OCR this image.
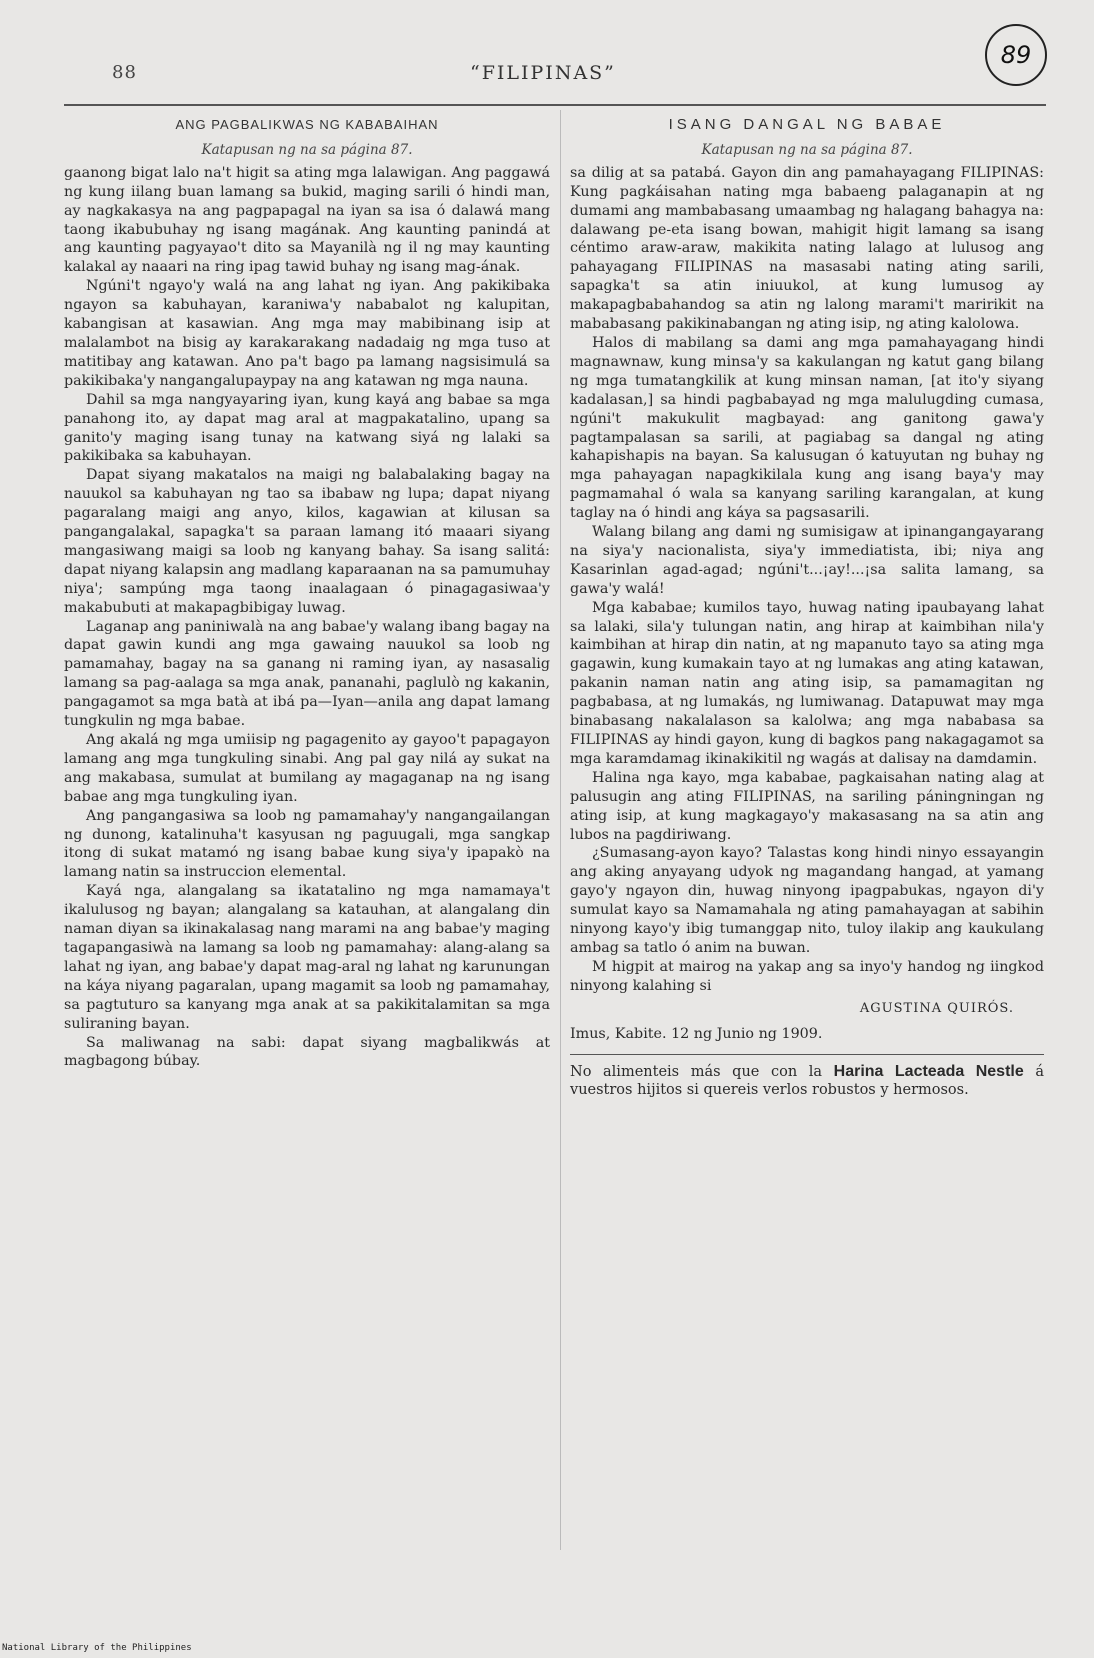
88	“FILIPINAS”
89
ANG PAGBALIKWAS NG KABABAIHAN
Katapusan ng na sa página 87.

gaanong bigat lalo na't higit sa ating mga lalawigan. Ang paggawá ng kung iilang buan lamang sa bukid, maging sarili ó hindi man, ay nagkakasya na ang pagpapagal na iyan sa isa ó dalawá mang taong ikabubuhay ng isang magának. Ang kaunting panindá at ang kaunting pagyayao't dito sa Mayanilà ng il ng may kaunting kalakal ay naaari na ring ipag tawid buhay ng isang mag-ának.

Ngúni't ngayo'y walá na ang lahat ng iyan. Ang pakikibaka ngayon sa kabuhayan, karaniwa'y nababalot ng kalupitan, kabangisan at kasawian. Ang mga may mabibinang isip at malalambot na bisig ay karakarakang nadadaig ng mga tuso at matitibay ang katawan. Ano pa't bago pa lamang nagsisimulá sa pakikibaka'y nangangalupaypay na ang katawan ng mga nauna.

Dahil sa mga nangyayaring iyan, kung kayá ang babae sa mga panahong ito, ay dapat mag aral at magpakatalino, upang sa ganito'y maging isang tunay na katwang siyá ng lalaki sa pakikibaka sa kabuhayan.

Dapat siyang makatalos na maigi ng balabalaking bagay na nauukol sa kabuhayan ng tao sa ibabaw ng lupa; dapat niyang pagaralang maigi ang anyo, kilos, kagawian at kilusan sa pangangalakal, sapagka't sa paraan lamang itó maaari siyang mangasiwang maigi sa loob ng kanyang bahay. Sa isang salitá: dapat niyang kalapsin ang madlang kaparaanan na sa pamumuhay niya'; sampúng mga taong inaalagaan ó pinagagasiwaa'y makabubuti at makapagbibigay luwag.

Laganap ang paniniwalà na ang babae'y walang ibang bagay na dapat gawin kundi ang mga gawaing nauukol sa loob ng pamamahay, bagay na sa ganang ni raming iyan, ay nasasalig lamang sa pag-aalaga sa mga anak, pananahi, paglulò ng kakanin, pangagamot sa mga batà at ibá pa—Iyan—anila ang dapat lamang tungkulin ng mga babae.

Ang akalá ng mga umiisip ng pagagenito ay gayoo't papagayon lamang ang mga tungkuling sinabi. Ang pal gay nilá ay sukat na ang makabasa, sumulat at bumilang ay magaganap na ng isang babae ang mga tungkuling iyan.

Ang pangangasiwa sa loob ng pamamahay'y nangangailangan ng dunong, katalinuha't kasyusan ng paguugali, mga sangkap itong di sukat matamó ng isang babae kung siya'y ipapakò na lamang natin sa instruccion elemental.

Kayá nga, alangalang sa ikatatalino ng mga namamaya't ikalulusog ng bayan; alangalang sa katauhan, at alangalang din naman diyan sa ikinakalasag nang marami na ang babae'y maging tagapangasiwà na lamang sa loob ng pamamahay: alang-alang sa lahat ng iyan, ang babae'y dapat mag-aral ng lahat ng karunungan na káya niyang pagaralan, upang magamit sa loob ng pamamahay, sa pagtuturo sa kanyang mga anak at sa pakikitalamitan sa mga suliraning bayan.

Sa maliwanag na sabi: dapat siyang magbalikwás at magbagong búbay.

ISANG DANGAL NG BABAE
Katapusan ng na sa página 87.

sa dilig at sa patabá. Gayon din ang pamahayagang FILIPINAS: Kung pagkáisahan nating mga babaeng palaganapin at ng dumami ang mambabasang umaambag ng halagang bahagya na: dalawang pe-eta isang bowan, mahigit higit lamang sa isang céntimo araw-araw, makikita nating lalago at lulusog ang pahayagang FILIPINAS na masasabi nating ating sarili, sapagka't sa atin iniuukol, at kung lumusog ay makapagbabahandog sa atin ng lalong marami't maririkit na mababasang pakikinabangan ng ating isip, ng ating kalolowa.

Halos di mabilang sa dami ang mga pamahayagang hindi magnawnaw, kung minsa'y sa kakulangan ng katut gang bilang ng mga tumatangkilik at kung minsan naman, [at ito'y siyang kadalasan,] sa hindi pagbabayad ng mga malulugding cumasa, ngúni't makukulit magbayad: ang ganitong gawa'y pagtampalasan sa sarili, at pagiabag sa dangal ng ating kahapishapis na bayan. Sa kalusugan ó katuyutan ng buhay ng mga pahayagan napagkikilala kung ang isang baya'y may pagmamahal ó wala sa kanyang sariling karangalan, at kung taglay na ó hindi ang káya sa pagsasarili.

Walang bilang ang dami ng sumisigaw at ipinangangayarang na siya'y nacionalista, siya'y immediatista, ibi; niya ang Kasarinlan agad-agad; ngúni't...¡ay!...¡sa salita lamang, sa gawa'y walá!

Mga kababae; kumilos tayo, huwag nating ipaubayang lahat sa lalaki, sila'y tulungan natin, ang hirap at kaimbihan nila'y kaimbihan at hirap din natin, at ng mapanuto tayo sa ating mga gagawin, kung kumakain tayo at ng lumakas ang ating katawan, pakanin naman natin ang ating isip, sa pamamagitan ng pagbabasa, at ng lumakás, ng lumiwanag. Datapuwat may mga binabasang nakalalason sa kalolwa; ang mga nababasa sa FILIPINAS ay hindi gayon, kung di bagkos pang nakagagamot sa mga karamdamag ikinakikitil ng wagás at dalisay na damdamin.

Halina nga kayo, mga kababae, pagkaisahan nating alag at palusugin ang ating FILIPINAS, na sariling páningningan ng ating isip, at kung magkagayo'y makasasang na sa atin ang lubos na pagdiriwang.

¿Sumasang-ayon kayo? Talastas kong hindi ninyo essayangin ang aking anyayang udyok ng magandang hangad, at yamang gayo'y ngayon din, huwag ninyong ipagpabukas, ngayon di'y sumulat kayo sa Namamahala ng ating pamahayagan at sabihin ninyong kayo'y ibig tumanggap nito, tuloy ilakip ang kaukulang ambag sa tatlo ó anim na buwan.

M higpit at mairog na yakap ang sa inyo'y handog ng iingkod ninyong kalahing si

AGUSTINA QUIRÓS.
Imus, Kabite. 12 ng Junio ng 1909.
No alimenteis más que con la Harina Lacteada Nestle á vuestros hijitos si quereis verlos robustos y hermosos.
National Library of the Philippines
